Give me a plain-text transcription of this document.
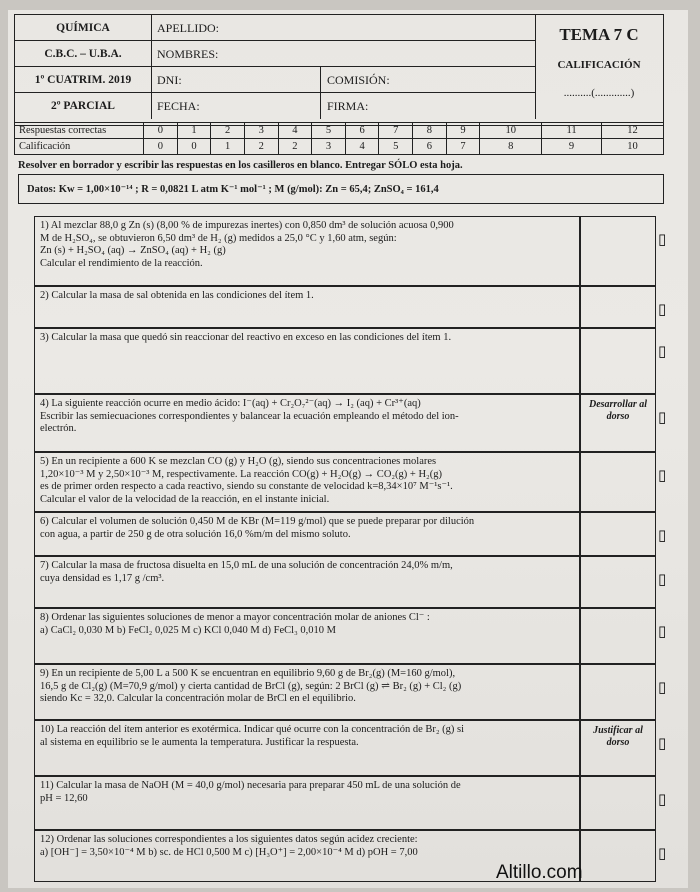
QUÍMICA
C.B.C. – U.B.A.
1º CUATRIM. 2019
2º PARCIAL
APELLIDO:
NOMBRES:
DNI:	COMISIÓN:
FECHA:	FIRMA:
TEMA 7 C
CALIFICACIÓN
..........(.............)
Respuestas correctas	0	1	2	3	4	5	6	7	8	9	10	11	12
Calificación	0	0	1	2	2	3	4	5	6	7	8	9	10
Resolver en borrador y escribir las respuestas en los casilleros en blanco. Entregar SÓLO esta hoja.
Datos: Kw = 1,00×10⁻¹⁴ ; R = 0,0821 L atm K⁻¹ mol⁻¹ ; M (g/mol): Zn = 65,4; ZnSO₄ = 161,4
1) Al mezclar 88,0 g Zn (s) (8,00 % de impurezas inertes) con 0,850 dm³ de solución acuosa 0,900
M de H₂SO₄, se obtuvieron 6,50 dm³ de H₂ (g) medidos a 25,0 °C y 1,60 atm, según:
Zn (s) + H₂SO₄ (aq) → ZnSO₄ (aq) + H₂ (g)
Calcular el rendimiento de la reacción.
▯
2) Calcular la masa de sal obtenida en las condiciones del ítem 1.
▯
3) Calcular la masa que quedó sin reaccionar del reactivo en exceso en las condiciones del ítem 1.
▯
4) La siguiente reacción ocurre en medio ácido: I⁻(aq) + Cr₂O₇²⁻(aq) → I₂ (aq) + Cr³⁺(aq)
Escribir las semiecuaciones correspondientes y balancear la ecuación empleando el método del ion-
electrón.
Desarrollar al dorso	▯
5) En un recipiente a 600 K se mezclan CO (g) y H₂O (g), siendo sus concentraciones molares
1,20×10⁻³ M y 2,50×10⁻³ M, respectivamente. La reacción CO(g) + H₂O(g) → CO₂(g) + H₂(g)
es de primer orden respecto a cada reactivo, siendo su constante de velocidad k=8,34×10⁷ M⁻¹s⁻¹.
Calcular el valor de la velocidad de la reacción, en el instante inicial.
▯
6) Calcular el volumen de solución 0,450 M de KBr (M=119 g/mol) que se puede preparar por dilución
con agua, a partir de 250 g de otra solución 16,0 %m/m del mismo soluto.	▯
7) Calcular la masa de fructosa disuelta en 15,0 mL de una solución de concentración 24,0% m/m,
cuya densidad es 1,17 g /cm³.	▯
8) Ordenar las siguientes soluciones de menor a mayor concentración molar de aniones Cl⁻ :
a) CaCl₂ 0,030 M b) FeCl₂ 0,025 M c) KCl 0,040 M d) FeCl₃ 0,010 M	▯
9) En un recipiente de 5,00 L a 500 K se encuentran en equilibrio 9,60 g de Br₂(g) (M=160 g/mol),
16,5 g de Cl₂(g) (M=70,9 g/mol) y cierta cantidad de BrCl (g), según: 2 BrCl (g) ⇌ Br₂ (g) + Cl₂ (g)
siendo Kc = 32,0. Calcular la concentración molar de BrCl en el equilibrio.
▯
10) La reacción del ítem anterior es exotérmica. Indicar qué ocurre con la concentración de Br₂ (g) si
al sistema en equilibrio se le aumenta la temperatura. Justificar la respuesta.
Justificar al dorso	▯
11) Calcular la masa de NaOH (M = 40,0 g/mol) necesaria para preparar 450 mL de una solución de
pH = 12,60	▯
12) Ordenar las soluciones correspondientes a los siguientes datos según acidez creciente:
a) [OH⁻] = 3,50×10⁻⁴ M b) sc. de HCl 0,500 M c) [H₃O⁺] = 2,00×10⁻⁴ M d) pOH = 7,00	▯
Altillo.com
